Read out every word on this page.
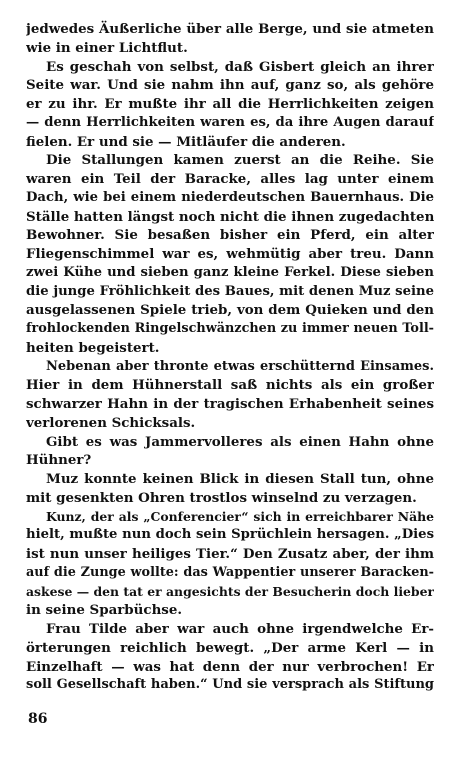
jedwedes Äußerliche über alle Berge, und sie atmeten
wie in einer Lichtflut.
Es geschah von selbst, daß Gisbert gleich an ihrer
Seite war. Und sie nahm ihn auf, ganz so, als gehöre
er zu ihr. Er mußte ihr all die Herrlichkeiten zeigen
— denn Herrlichkeiten waren es, da ihre Augen darauf
fielen. Er und sie — Mitläufer die anderen.
Die Stallungen kamen zuerst an die Reihe. Sie
waren ein Teil der Baracke, alles lag unter einem
Dach, wie bei einem niederdeutschen Bauernhaus. Die
Ställe hatten längst noch nicht die ihnen zugedachten
Bewohner. Sie besaßen bisher ein Pferd, ein alter
Fliegenschimmel war es, wehmütig aber treu. Dann
zwei Kühe und sieben ganz kleine Ferkel. Diese sieben
die junge Fröhlichkeit des Baues, mit denen Muz seine
ausgelassenen Spiele trieb, von dem Quieken und den
frohlockenden Ringelschwänzchen zu immer neuen Toll-
heiten begeistert.
Nebenan aber thronte etwas erschütternd Einsames.
Hier in dem Hühnerstall saß nichts als ein großer
schwarzer Hahn in der tragischen Erhabenheit seines
verlorenen Schicksals.
Gibt es was Jammervolleres als einen Hahn ohne
Hühner?
Muz konnte keinen Blick in diesen Stall tun, ohne
mit gesenkten Ohren trostlos winselnd zu verzagen.
Kunz, der als „Conferencier“ sich in erreichbarer Nähe
hielt, mußte nun doch sein Sprüchlein hersagen. „Dies
ist nun unser heiliges Tier.“ Den Zusatz aber, der ihm
auf die Zunge wollte: das Wappentier unserer Baracken-
askese — den tat er angesichts der Besucherin doch lieber
in seine Sparbüchse.
Frau Tilde aber war auch ohne irgendwelche Er-
örterungen reichlich bewegt. „Der arme Kerl — in
Einzelhaft — was hat denn der nur verbrochen! Er
soll Gesellschaft haben.“ Und sie versprach als Stiftung
86
